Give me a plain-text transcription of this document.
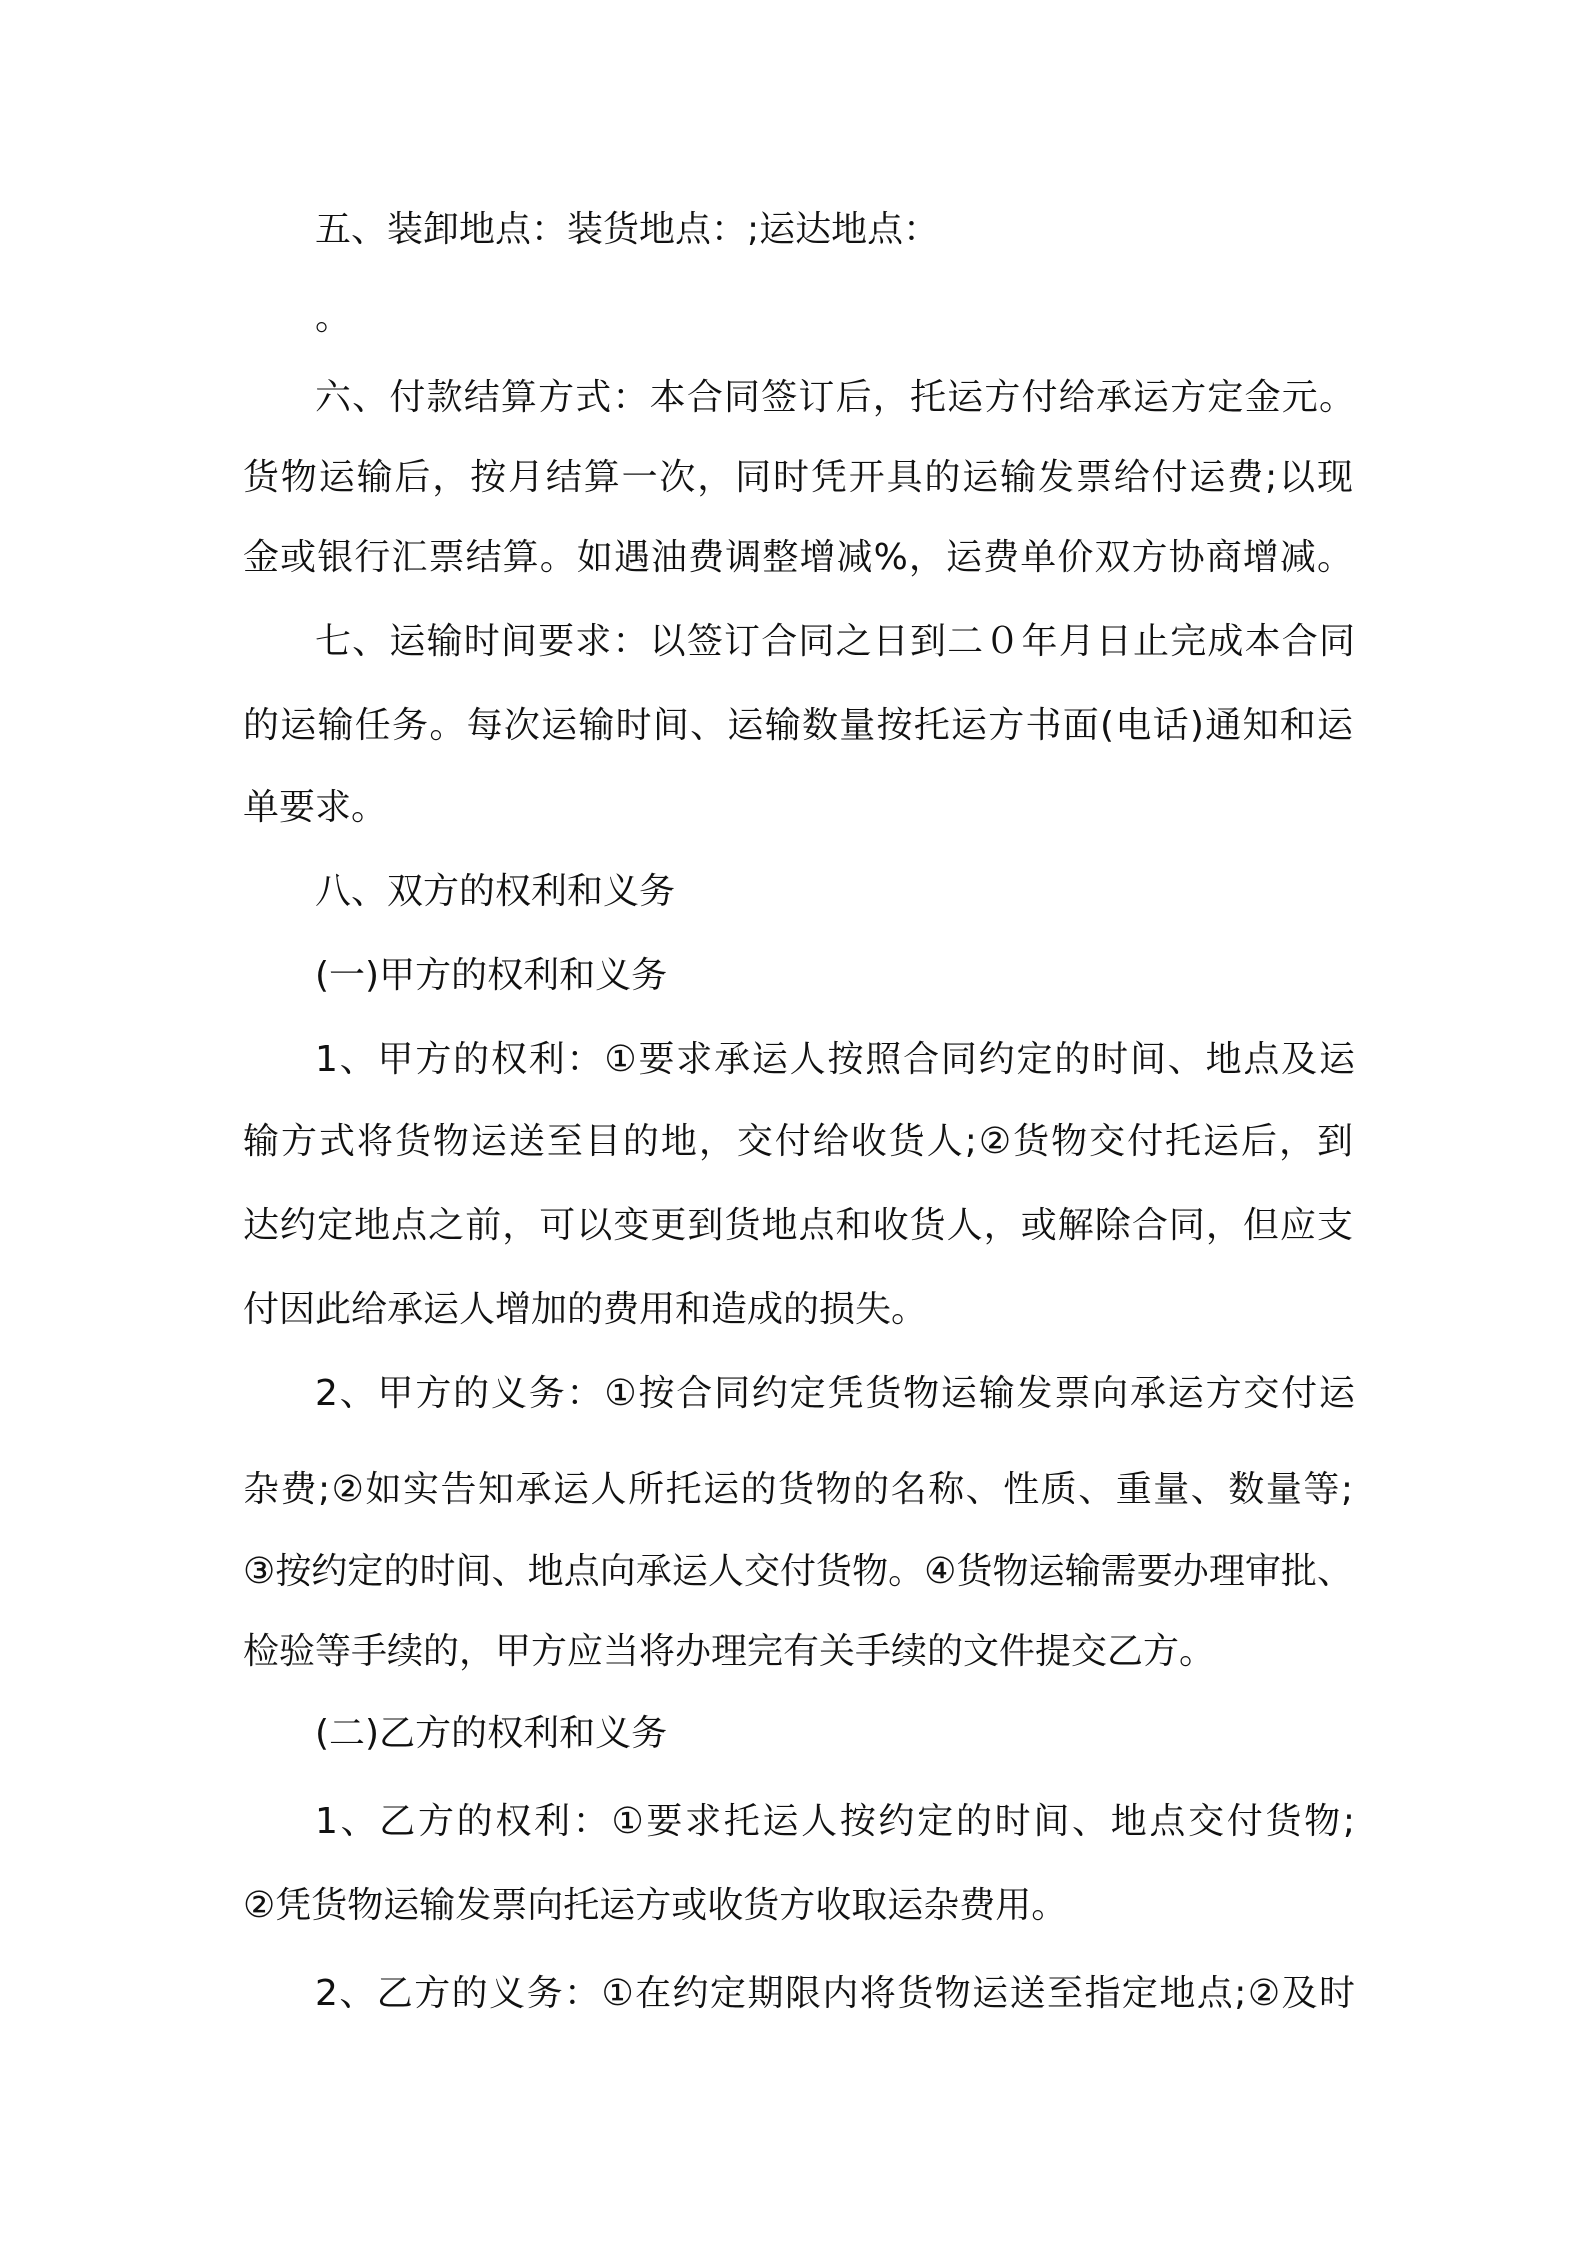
五、装卸地点：装货地点：;运达地点：
。
六、付款结算方式：本合同签订后，托运方付给承运方定金元。
货物运输后，按月结算一次，同时凭开具的运输发票给付运费;以现
金或银行汇票结算。如遇油费调整增减%，运费单价双方协商增减。
七、运输时间要求：以签订合同之日到二０年月日止完成本合同
的运输任务。每次运输时间、运输数量按托运方书面(电话)通知和运
单要求。
八、双方的权利和义务
(一)甲方的权利和义务
1、甲方的权利：①要求承运人按照合同约定的时间、地点及运
输方式将货物运送至目的地，交付给收货人;②货物交付托运后，到
达约定地点之前，可以变更到货地点和收货人，或解除合同，但应支
付因此给承运人增加的费用和造成的损失。
2、甲方的义务：①按合同约定凭货物运输发票向承运方交付运
杂费;②如实告知承运人所托运的货物的名称、性质、重量、数量等;
③按约定的时间、地点向承运人交付货物。④货物运输需要办理审批、
检验等手续的，甲方应当将办理完有关手续的文件提交乙方。
(二)乙方的权利和义务
1、乙方的权利：①要求托运人按约定的时间、地点交付货物;
②凭货物运输发票向托运方或收货方收取运杂费用。
2、乙方的义务：①在约定期限内将货物运送至指定地点;②及时
